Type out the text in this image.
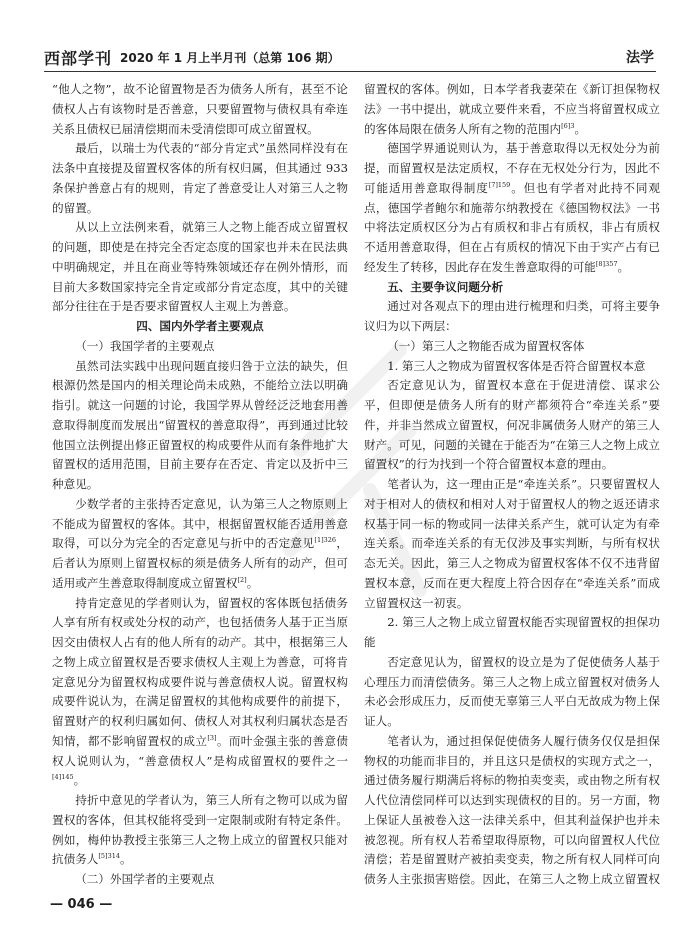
西部学刊 2020 年 1 月上半月刊（总第 106 期）	法学

“他人之物”，故不论留置物是否为债务人所有，甚至不论债权人占有该物时是否善意，只要留置物与债权具有牵连关系且债权已届清偿期而未受清偿即可成立留置权。

最后，以瑞士为代表的“部分肯定式”虽然同样没有在法条中直接提及留置权客体的所有权归属，但其通过 933 条保护善意占有的规则，肯定了善意受让人对第三人之物的留置。

从以上立法例来看，就第三人之物上能否成立留置权的问题，即使是在持完全否定态度的国家也并未在民法典中明确规定，并且在商业等特殊领域还存在例外情形，而目前大多数国家持完全肯定或部分肯定态度，其中的关键部分往往在于是否要求留置权人主观上为善意。

四、国内外学者主要观点

（一）我国学者的主要观点

虽然司法实践中出现问题直接归咎于立法的缺失，但根源仍然是国内的相关理论尚未成熟，不能给立法以明确指引。就这一问题的讨论，我国学界从曾经泛泛地套用善意取得制度而发展出“留置权的善意取得”，再到通过比较他国立法例提出修正留置权的构成要件从而有条件地扩大留置权的适用范围，目前主要存在否定、肯定以及折中三种意见。

少数学者的主张持否定意见，认为第三人之物原则上不能成为留置权的客体。其中，根据留置权能否适用善意取得，可以分为完全的否定意见与折中的否定意见$^{[1]326}$，后者认为原则上留置权标的须是债务人所有的动产，但可适用或产生善意取得制度成立留置权[2]。

持肯定意见的学者则认为，留置权的客体既包括债务人享有所有权或处分权的动产，也包括债务人基于正当原因交由债权人占有的他人所有的动产。其中，根据第三人之物上成立留置权是否要求债权人主观上为善意，可将肯定意见分为留置权构成要件说与善意债权人说。留置权构成要件说认为，在满足留置权的其他构成要件的前提下，留置财产的权利归属如何、债权人对其权利归属状态是否知情，都不影响留置权的成立[3]。而叶金强主张的善意债权人说则认为，“善意债权人”是构成留置权的要件之一$^{[4]145}$。

持折中意见的学者认为，第三人所有之物可以成为留置权的客体，但其权能将受到一定限制或附有特定条件。例如，梅仲协教授主张第三人之物上成立的留置权只能对抗债务人$^{[5]314}$。

（二）外国学者的主要观点

留置权的客体。例如，日本学者我妻荣在《新订担保物权法》一书中提出，就成立要件来看，不应当将留置权成立的客体局限在债务人所有之物的范围内$^{[6]3}$。

德国学界通说则认为，基于善意取得以无权处分为前提，而留置权是法定质权，不存在无权处分行为，因此不可能适用善意取得制度$^{[7]159}$。但也有学者对此持不同观点，德国学者鲍尔和施蒂尔纳教授在《德国物权法》一书中将法定质权区分为占有质权和非占有质权，非占有质权不适用善意取得，但在占有质权的情况下由于实产占有已经发生了转移，因此存在发生善意取得的可能$^{[8]357}$。

五、主要争议问题分析

通过对各观点下的理由进行梳理和归类，可将主要争议归为以下两层：

（一）第三人之物能否成为留置权客体

1. 第三人之物成为留置权客体是否符合留置权本意

否定意见认为，留置权本意在于促进清偿、谋求公平，但即便是债务人所有的财产都须符合“牵连关系”要件，并非当然成立留置权，何况非属债务人财产的第三人财产。可见，问题的关键在于能否为“在第三人之物上成立留置权”的行为找到一个符合留置权本意的理由。

笔者认为，这一理由正是“牵连关系”。只要留置权人对于相对人的债权和相对人对于留置权人的物之返还请求权基于同一标的物或同一法律关系产生，就可认定为有牵连关系。而牵连关系的有无仅涉及事实判断，与所有权状态无关。因此，第三人之物成为留置权客体不仅不违背留置权本意，反而在更大程度上符合因存在“牵连关系”而成立留置权这一初衷。

2. 第三人之物上成立留置权能否实现留置权的担保功能

否定意见认为，留置权的设立是为了促使债务人基于心理压力而清偿债务。第三人之物上成立留置权对债务人未必会形成压力，反而使无辜第三人平白无故成为物上保证人。

笔者认为，通过担保促使债务人履行债务仅仅是担保物权的功能而非目的，并且这只是债权的实现方式之一，通过债务履行期满后将标的物拍卖变卖，或由物之所有权人代位清偿同样可以达到实现债权的目的。另一方面，物上保证人虽被卷入这一法律关系中，但其利益保护也并未被忽视。所有权人若希望取得原物，可以向留置权人代位清偿；若是留置财产被拍卖变卖，物之所有权人同样可向债务人主张损害赔偿。因此，在第三人之物上成立留置权

— 046 —
